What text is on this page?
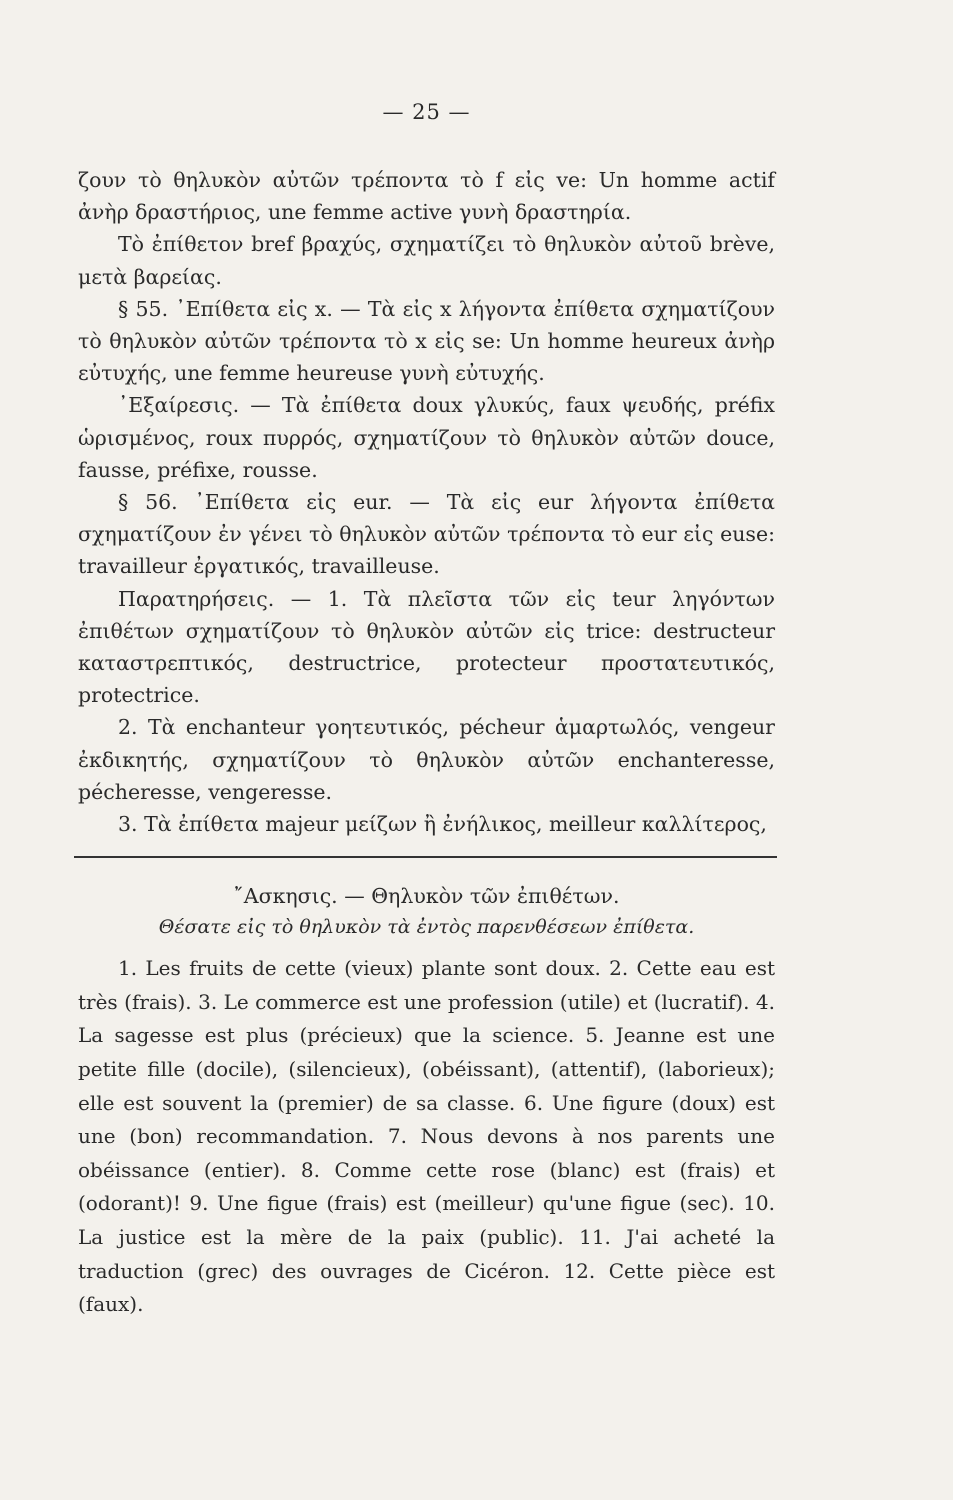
— 25 —

ζουν τὸ θηλυκὸν αὐτῶν τρέποντα τὸ f εἰς ve: Un homme actif ἀνὴρ δραστήριος, une femme active γυνὴ δραστηρία.

Τὸ ἐπίθετον bref βραχύς, σχηματίζει τὸ θηλυκὸν αὐτοῦ brève, μετὰ βαρείας.

§ 55. ᾿Επίθετα εἰς x. — Τὰ εἰς x λήγοντα ἐπίθετα σχηματίζουν τὸ θηλυκὸν αὐτῶν τρέποντα τὸ x εἰς se: Un homme heureux ἀνὴρ εὐτυχής, une femme heureuse γυνὴ εὐτυχής.

᾿Εξαίρεσις. — Τὰ ἐπίθετα doux γλυκύς, faux ψευδής, préfix ὡρισμένος, roux πυρρός, σχηματίζουν τὸ θηλυκὸν αὐτῶν douce, fausse, préfixe, rousse.

§ 56. ᾿Επίθετα εἰς eur. — Τὰ εἰς eur λήγοντα ἐπίθετα σχηματίζουν ἐν γένει τὸ θηλυκὸν αὐτῶν τρέποντα τὸ eur εἰς euse: travailleur ἐργατικός, travailleuse.

Παρατηρήσεις. — 1. Τὰ πλεῖστα τῶν εἰς teur ληγόντων ἐπιθέτων σχηματίζουν τὸ θηλυκὸν αὐτῶν εἰς trice: destructeur καταστρεπτικός, destructrice, protecteur προστατευτικός, protectrice.

2. Τὰ enchanteur γοητευτικός, pécheur ἁμαρτωλός, vengeur ἐκδικητής, σχηματίζουν τὸ θηλυκὸν αὐτῶν enchanteresse, pécheresse, vengeresse.

3. Τὰ ἐπίθετα majeur μείζων ἢ ἐνήλικος, meilleur καλλίτερος,

῎Ασκησις. — Θηλυκὸν τῶν ἐπιθέτων.
Θέσατε εἰς τὸ θηλυκὸν τὰ ἐντὸς παρενθέσεων ἐπίθετα.

1. Les fruits de cette (vieux) plante sont doux. 2. Cette eau est très (frais). 3. Le commerce est une profession (utile) et (lucratif). 4. La sagesse est plus (précieux) que la science. 5. Jeanne est une petite fille (docile), (silencieux), (obéissant), (attentif), (laborieux); elle est souvent la (premier) de sa classe. 6. Une figure (doux) est une (bon) recommandation. 7. Nous devons à nos parents une obéissance (entier). 8. Comme cette rose (blanc) est (frais) et (odorant)! 9. Une figue (frais) est (meilleur) qu'une figue (sec). 10. La justice est la mère de la paix (public). 11. J'ai acheté la traduction (grec) des ouvrages de Cicéron. 12. Cette pièce est (faux).
